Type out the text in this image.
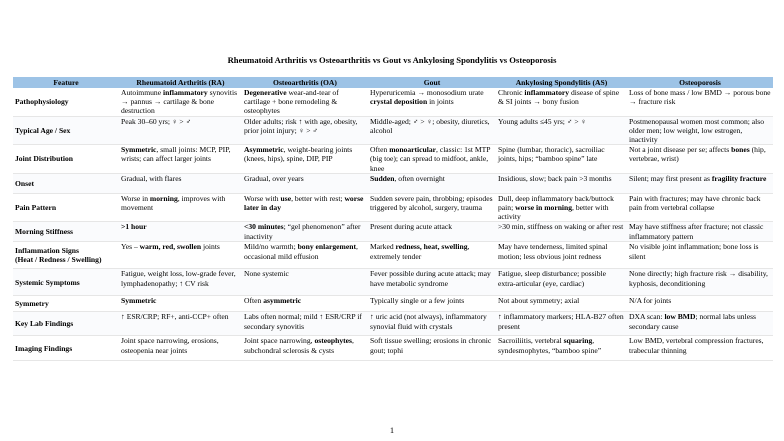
Rheumatoid Arthritis vs Osteoarthritis vs Gout vs Ankylosing Spondylitis vs Osteoporosis
Feature	Rheumatoid Arthritis (RA)	Osteoarthritis (OA)	Gout	Ankylosing Spondylitis (AS)	Osteoporosis
Pathophysiology	Autoimmune inflammatory synovitis → pannus → cartilage & bone destruction	Degenerative wear-and-tear of cartilage + bone remodeling & osteophytes	Hyperuricemia → monosodium urate crystal deposition in joints	Chronic inflammatory disease of spine & SI joints → bony fusion	Loss of bone mass / low BMD → porous bone → fracture risk
Typical Age / Sex	Peak 30–60 yrs; ♀ > ♂	Older adults; risk ↑ with age, obesity, prior joint injury; ♀ > ♂	Middle-aged; ♂ > ♀; obesity, diuretics, alcohol	Young adults ≤45 yrs; ♂ > ♀	Postmenopausal women most common; also older men; low weight, low estrogen, inactivity
Joint Distribution	Symmetric, small joints: MCP, PIP, wrists; can affect larger joints	Asymmetric, weight-bearing joints (knees, hips), spine, DIP, PIP	Often monoarticular, classic: 1st MTP (big toe); can spread to midfoot, ankle, knee	Spine (lumbar, thoracic), sacroiliac joints, hips; “bamboo spine” late	Not a joint disease per se; affects bones (hip, vertebrae, wrist)
Onset	Gradual, with flares	Gradual, over years	Sudden, often overnight	Insidious, slow; back pain >3 months	Silent; may first present as fragility fracture
Pain Pattern	Worse in morning, improves with movement	Worse with use, better with rest; worse later in day	Sudden severe pain, throbbing; episodes triggered by alcohol, surgery, trauma	Dull, deep inflammatory back/buttock pain; worse in morning, better with activity	Pain with fractures; may have chronic back pain from vertebral collapse
Morning Stiffness	>1 hour	<30 minutes; “gel phenomenon” after inactivity	Present during acute attack	>30 min, stiffness on waking or after rest	May have stiffness after fracture; not classic inflammatory pattern
Inflammation Signs
(Heat / Redness / Swelling)	Yes – warm, red, swollen joints	Mild/no warmth; bony enlargement, occasional mild effusion	Marked redness, heat, swelling, extremely tender	May have tenderness, limited spinal motion; less obvious joint redness	No visible joint inflammation; bone loss is silent
Systemic Symptoms	Fatigue, weight loss, low-grade fever, lymphadenopathy; ↑ CV risk	None systemic	Fever possible during acute attack; may have metabolic syndrome	Fatigue, sleep disturbance; possible extra-articular (eye, cardiac)	None directly; high fracture risk → disability, kyphosis, deconditioning
Symmetry	Symmetric	Often asymmetric	Typically single or a few joints	Not about symmetry; axial	N/A for joints
Key Lab Findings	↑ ESR/CRP; RF+, anti-CCP+ often	Labs often normal; mild ↑ ESR/CRP if secondary synovitis	↑ uric acid (not always), inflammatory synovial fluid with crystals	↑ inflammatory markers; HLA-B27 often present	DXA scan: low BMD; normal labs unless secondary cause
Imaging Findings	Joint space narrowing, erosions, osteopenia near joints	Joint space narrowing, osteophytes, subchondral sclerosis & cysts	Soft tissue swelling; erosions in chronic gout; tophi	Sacroiliitis, vertebral squaring, syndesmophytes, “bamboo spine”	Low BMD, vertebral compression fractures, trabecular thinning
1
